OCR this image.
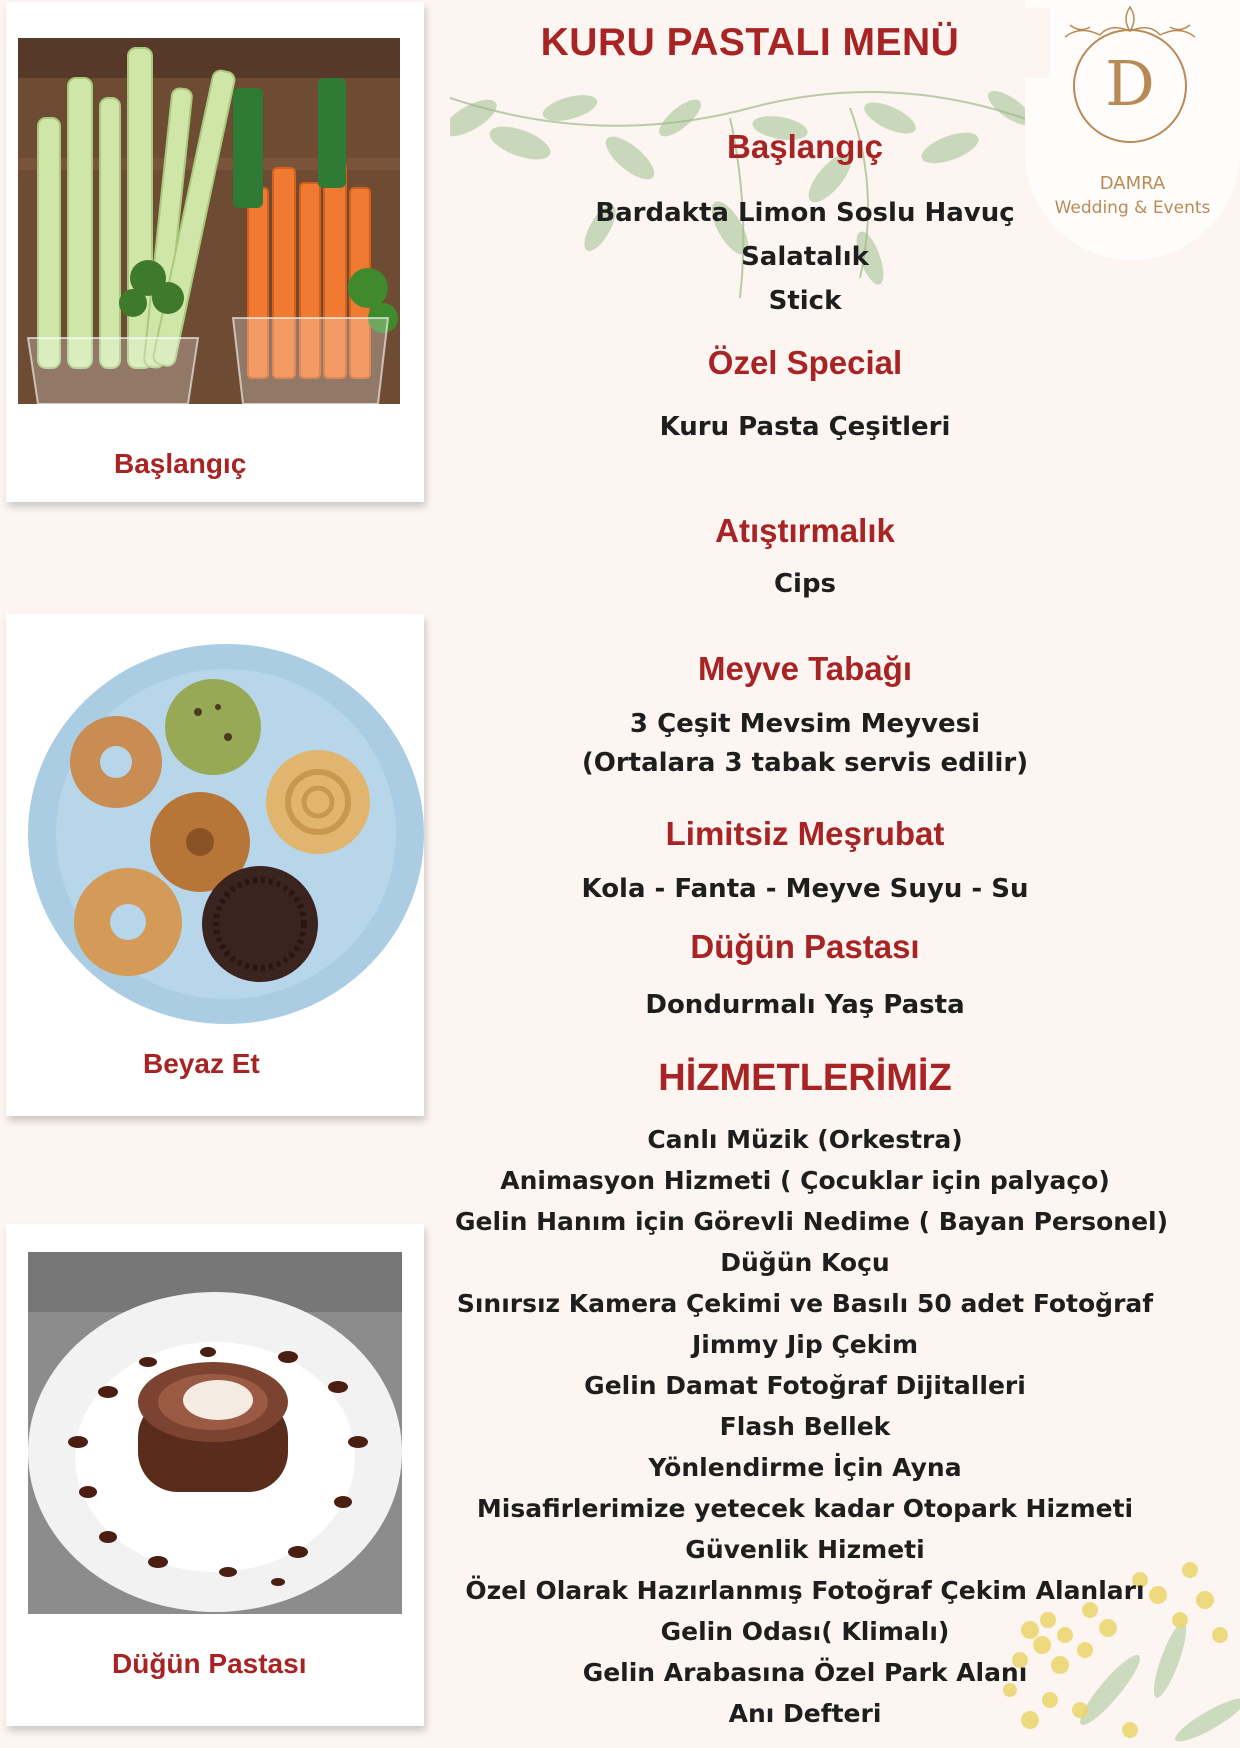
D
DAMRA
Wedding & Events
KURU PASTALI MENÜ
Başlangıç
Beyaz Et
Düğün Pastası
Başlangıç
Bardakta Limon Soslu Havuç
Salatalık
Stick
Özel Special
Kuru Pasta Çeşitleri
Atıştırmalık
Cips
Meyve Tabağı
3 Çeşit Mevsim Meyvesi
(Ortalara 3 tabak servis edilir)
Limitsiz Meşrubat
Kola - Fanta - Meyve Suyu - Su
Düğün Pastası
Dondurmalı Yaş Pasta
HİZMETLERİMİZ
Canlı Müzik (Orkestra)
Animasyon Hizmeti ( Çocuklar için palyaço)
Gelin Hanım için Görevli Nedime ( Bayan Personel)
Düğün Koçu
Sınırsız Kamera Çekimi ve Basılı 50 adet Fotoğraf
Jimmy Jip Çekim
Gelin Damat Fotoğraf Dijitalleri
Flash Bellek
Yönlendirme İçin Ayna
Misafirlerimize yetecek kadar Otopark Hizmeti
Güvenlik Hizmeti
Özel Olarak Hazırlanmış Fotoğraf Çekim Alanları
Gelin Odası( Klimalı)
Gelin Arabasına Özel Park Alanı
Anı Defteri
